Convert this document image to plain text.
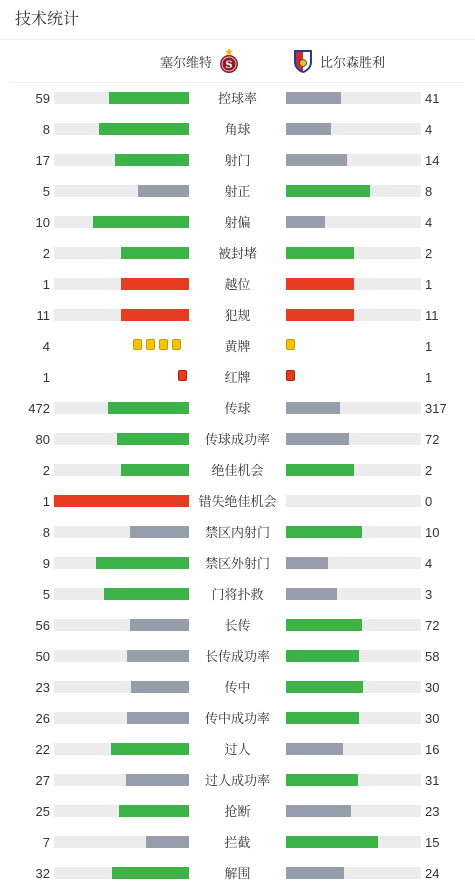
技术统计
塞尔维特 S	比尔森胜利
59	控球率	41
8	角球	4
17	射门	14
5	射正	8
10	射偏	4
2	被封堵	2
1	越位	1
11	犯规	11
4	黄牌	1
1	红牌	1
472	传球	317
80	传球成功率	72
2	绝佳机会	2
1	错失绝佳机会	0
8	禁区内射门	10
9	禁区外射门	4
5	门将扑救	3
56	长传	72
50	长传成功率	58
23	传中	30
26	传中成功率	30
22	过人	16
27	过人成功率	31
25	抢断	23
7	拦截	15
32	解围	24
